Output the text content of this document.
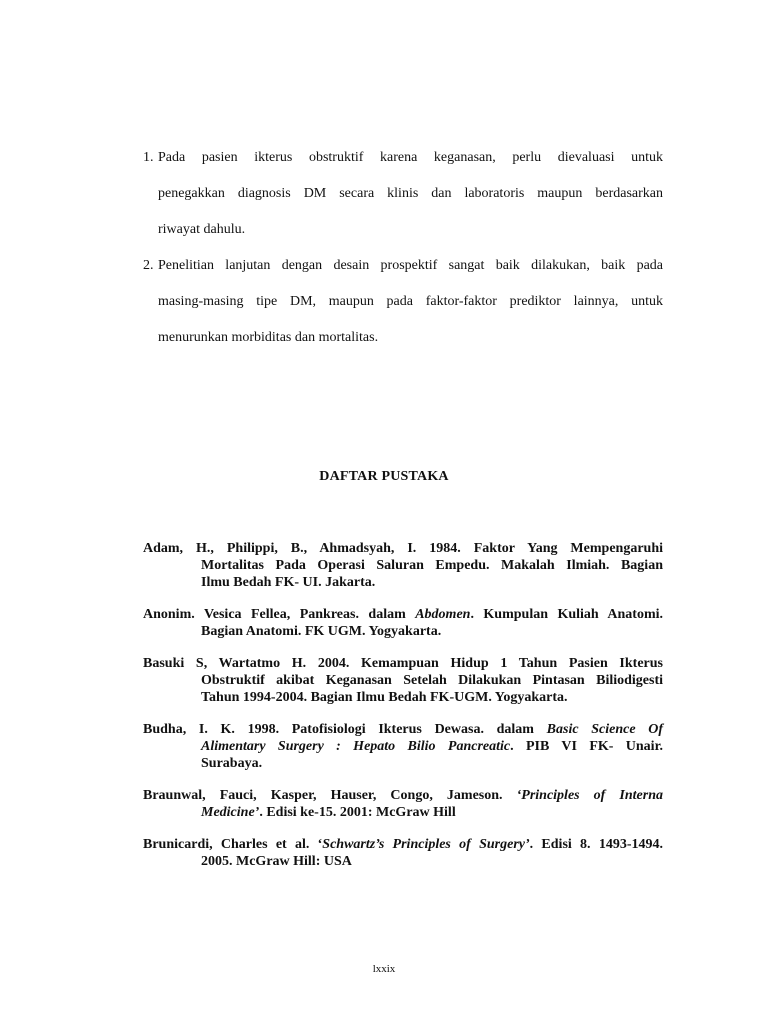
1. Pada pasien ikterus obstruktif karena keganasan, perlu dievaluasi untuk
penegakkan diagnosis DM secara klinis dan laboratoris maupun berdasarkan
riwayat dahulu.
2. Penelitian lanjutan dengan desain prospektif sangat baik dilakukan, baik pada
masing-masing tipe DM, maupun pada faktor-faktor prediktor lainnya, untuk
menurunkan morbiditas dan mortalitas.
DAFTAR PUSTAKA
Adam, H., Philippi, B., Ahmadsyah, I. 1984. Faktor Yang Mempengaruhi
Mortalitas Pada Operasi Saluran Empedu. Makalah Ilmiah. Bagian
Ilmu Bedah FK- UI. Jakarta.
Anonim. Vesica Fellea, Pankreas. dalam Abdomen. Kumpulan Kuliah Anatomi.
Bagian Anatomi. FK UGM. Yogyakarta.
Basuki S, Wartatmo H. 2004. Kemampuan Hidup 1 Tahun Pasien Ikterus
Obstruktif akibat Keganasan Setelah Dilakukan Pintasan Biliodigesti
Tahun 1994-2004. Bagian Ilmu Bedah FK-UGM. Yogyakarta.
Budha, I. K. 1998. Patofisiologi Ikterus Dewasa. dalam Basic Science Of
Alimentary Surgery : Hepato Bilio Pancreatic. PIB VI FK- Unair.
Surabaya.
Braunwal, Fauci, Kasper, Hauser, Congo, Jameson. ‘Principles of Interna
Medicine’. Edisi ke-15. 2001: McGraw Hill
Brunicardi, Charles et al. ‘Schwartz’s Principles of Surgery’. Edisi 8. 1493-1494.
2005. McGraw Hill: USA
lxxix
